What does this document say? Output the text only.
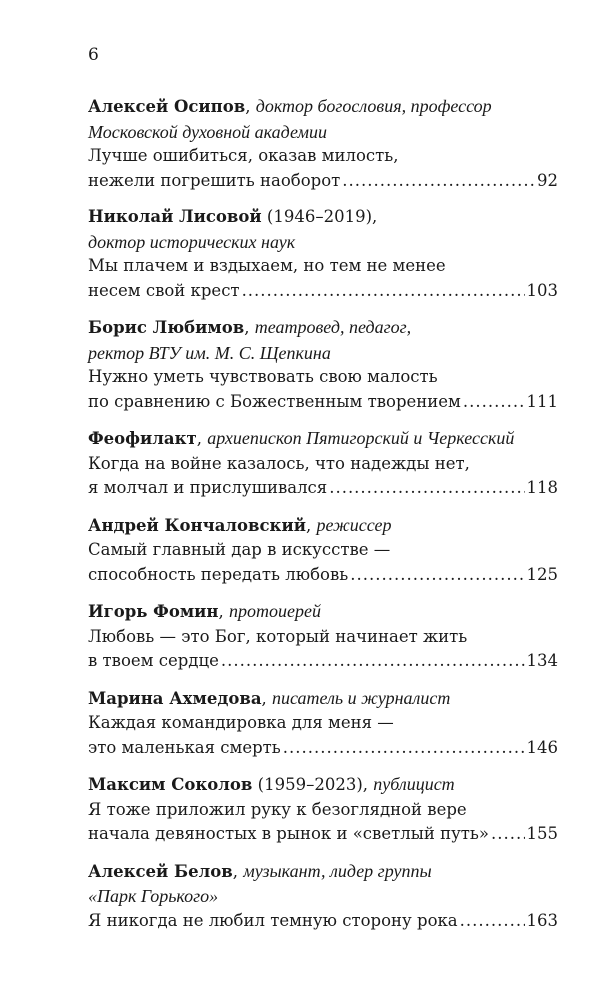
6
Алексей Осипов, доктор богословия, профессор
Московской духовной академии
Лучше ошибиться, оказав милость,
нежели погрешить наоборот .....	92
Николай Лисовой (1946–2019),
доктор исторических наук
Мы плачем и вздыхаем, но тем не менее
несем свой крест .....	103
Борис Любимов, театровед, педагог,
ректор ВТУ им. М. С. Щепкина
Нужно уметь чувствовать свою малость
по сравнению с Божественным творением .....	111
Феофилакт, архиепископ Пятигорский и Черкесский
Когда на войне казалось, что надежды нет,
я молчал и прислушивался .....	118
Андрей Кончаловский, режиссер
Самый главный дар в искусстве —
способность передать любовь .....	125
Игорь Фомин, протоиерей
Любовь — это Бог, который начинает жить
в твоем сердце .....	134
Марина Ахмедова, писатель и журналист
Каждая командировка для меня —
это маленькая смерть .....	146
Максим Соколов (1959–2023), публицист
Я тоже приложил руку к безоглядной вере
начала девяностых в рынок и «светлый путь» ..... 155
Алексей Белов, музыкант, лидер группы
«Парк Горького»
Я никогда не любил темную сторону рока .....	163
